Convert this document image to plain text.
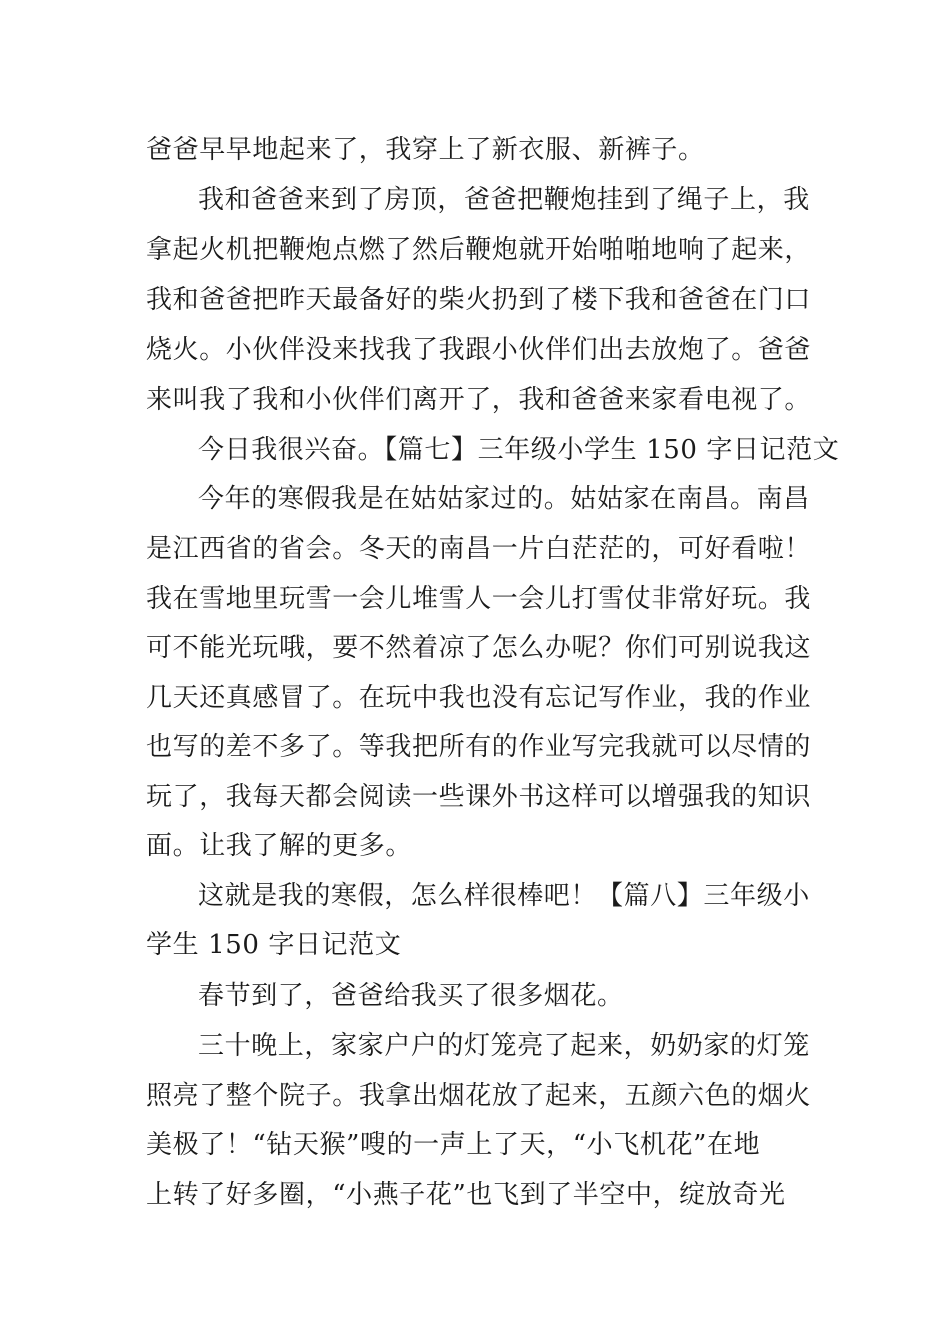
爸爸早早地起来了，我穿上了新衣服、新裤子。
我和爸爸来到了房顶，爸爸把鞭炮挂到了绳子上，我
拿起火机把鞭炮点燃了然后鞭炮就开始啪啪地响了起来，
我和爸爸把昨天最备好的柴火扔到了楼下我和爸爸在门口
烧火。小伙伴没来找我了我跟小伙伴们出去放炮了。爸爸
来叫我了我和小伙伴们离开了，我和爸爸来家看电视了。
今日我很兴奋。【篇七】三年级小学生 150 字日记范文
今年的寒假我是在姑姑家过的。姑姑家在南昌。南昌
是江西省的省会。冬天的南昌一片白茫茫的，可好看啦！
我在雪地里玩雪一会儿堆雪人一会儿打雪仗非常好玩。我
可不能光玩哦，要不然着凉了怎么办呢？你们可别说我这
几天还真感冒了。在玩中我也没有忘记写作业，我的作业
也写的差不多了。等我把所有的作业写完我就可以尽情的
玩了，我每天都会阅读一些课外书这样可以增强我的知识
面。让我了解的更多。
这就是我的寒假，怎么样很棒吧！【篇八】三年级小
学生 150 字日记范文
春节到了，爸爸给我买了很多烟花。
三十晚上，家家户户的灯笼亮了起来，奶奶家的灯笼
照亮了整个院子。我拿出烟花放了起来，五颜六色的烟火
美极了！“钻天猴”嗖的一声上了天，“小飞机花”在地
上转了好多圈，“小燕子花”也飞到了半空中，绽放奇光
